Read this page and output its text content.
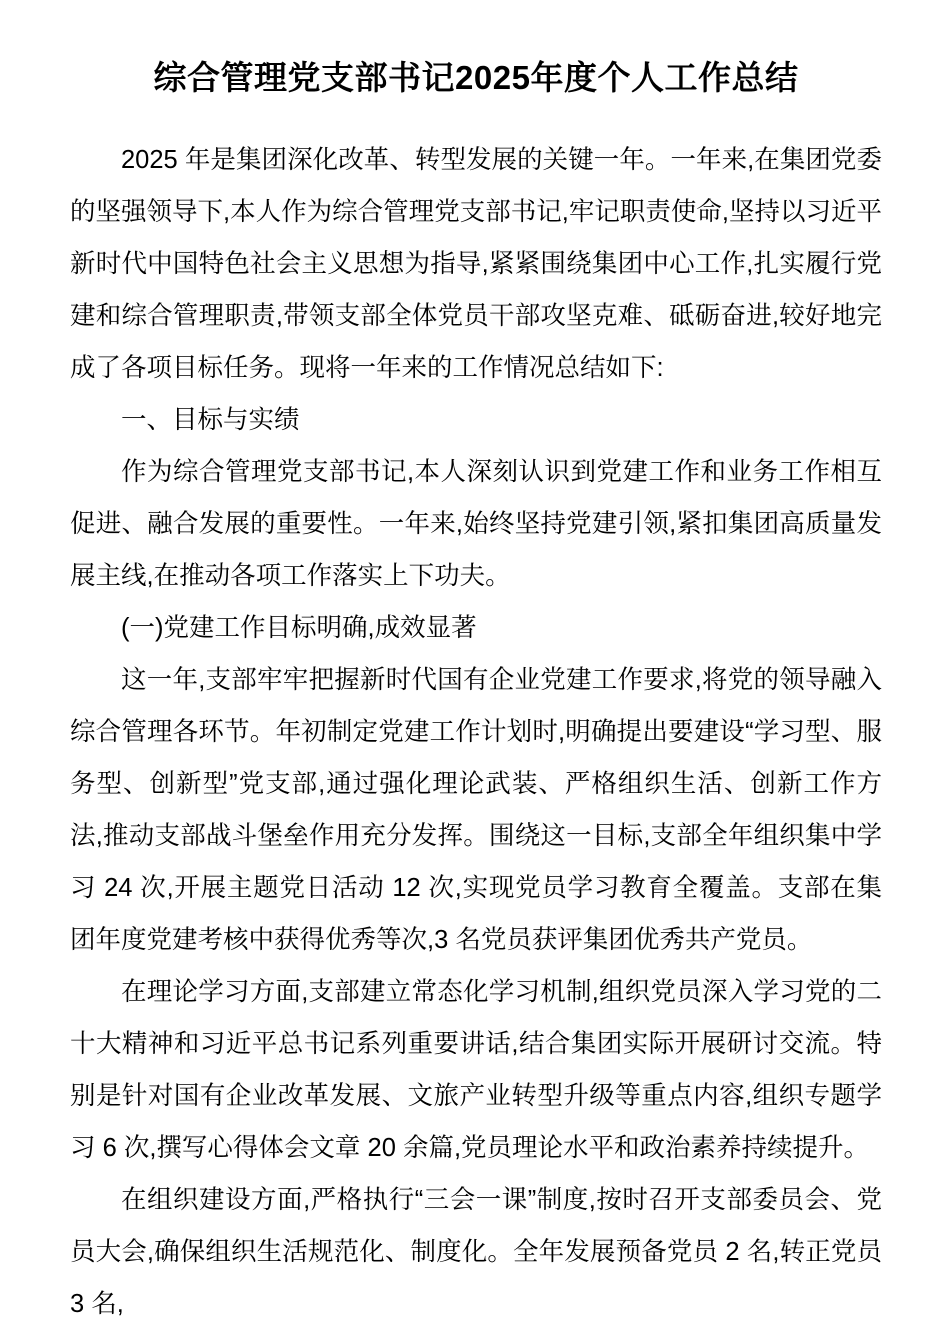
综合管理党支部书记2025年度个人工作总结

2025 年是集团深化改革、转型发展的关键一年。一年来,在集团党委的坚强领导下,本人作为综合管理党支部书记,牢记职责使命,坚持以习近平新时代中国特色社会主义思想为指导,紧紧围绕集团中心工作,扎实履行党建和综合管理职责,带领支部全体党员干部攻坚克难、砥砺奋进,较好地完成了各项目标任务。现将一年来的工作情况总结如下:

一、目标与实绩

作为综合管理党支部书记,本人深刻认识到党建工作和业务工作相互促进、融合发展的重要性。一年来,始终坚持党建引领,紧扣集团高质量发展主线,在推动各项工作落实上下功夫。

(一)党建工作目标明确,成效显著

这一年,支部牢牢把握新时代国有企业党建工作要求,将党的领导融入综合管理各环节。年初制定党建工作计划时,明确提出要建设“学习型、服务型、创新型”党支部,通过强化理论武装、严格组织生活、创新工作方法,推动支部战斗堡垒作用充分发挥。围绕这一目标,支部全年组织集中学习 24 次,开展主题党日活动 12 次,实现党员学习教育全覆盖。支部在集团年度党建考核中获得优秀等次,3 名党员获评集团优秀共产党员。

在理论学习方面,支部建立常态化学习机制,组织党员深入学习党的二十大精神和习近平总书记系列重要讲话,结合集团实际开展研讨交流。特别是针对国有企业改革发展、文旅产业转型升级等重点内容,组织专题学习 6 次,撰写心得体会文章 20 余篇,党员理论水平和政治素养持续提升。

在组织建设方面,严格执行“三会一课”制度,按时召开支部委员会、党员大会,确保组织生活规范化、制度化。全年发展预备党员 2 名,转正党员 3 名,
